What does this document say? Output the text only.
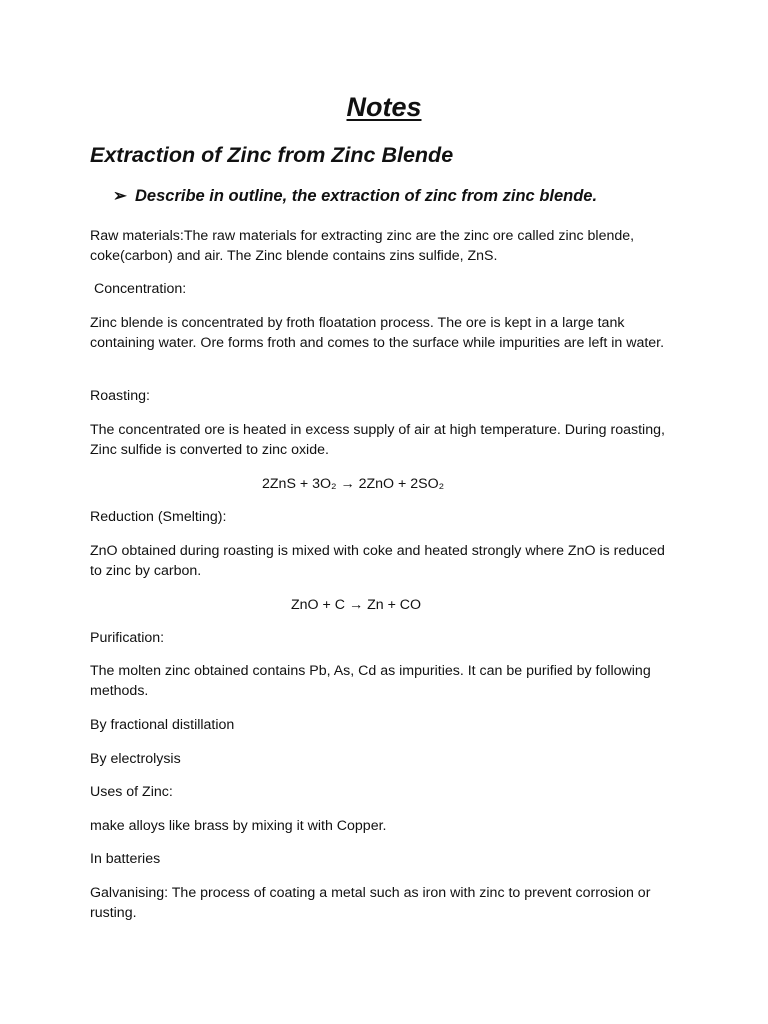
Notes
Extraction of Zinc from Zinc Blende
➢ Describe in outline, the extraction of zinc from zinc blende.

Raw materials:The raw materials for extracting zinc are the zinc ore called zinc blende, coke(carbon) and air. The Zinc blende contains zins sulfide, ZnS.

Concentration:

Zinc blende is concentrated by froth floatation process. The ore is kept in a large tank containing water. Ore forms froth and comes to the surface while impurities are left in water.

Roasting:

The concentrated ore is heated in excess supply of air at high temperature. During roasting, Zinc sulfide is converted to zinc oxide.

2ZnS + 3O₂ → 2ZnO + 2SO₂

Reduction (Smelting):

ZnO obtained during roasting is mixed with coke and heated strongly where ZnO is reduced to zinc by carbon.

ZnO + C → Zn + CO

Purification:

The molten zinc obtained contains Pb, As, Cd as impurities. It can be purified by following methods.

By fractional distillation

By electrolysis

Uses of Zinc:

make alloys like brass by mixing it with Copper.

In batteries

Galvanising: The process of coating a metal such as iron with zinc to prevent corrosion or rusting.
